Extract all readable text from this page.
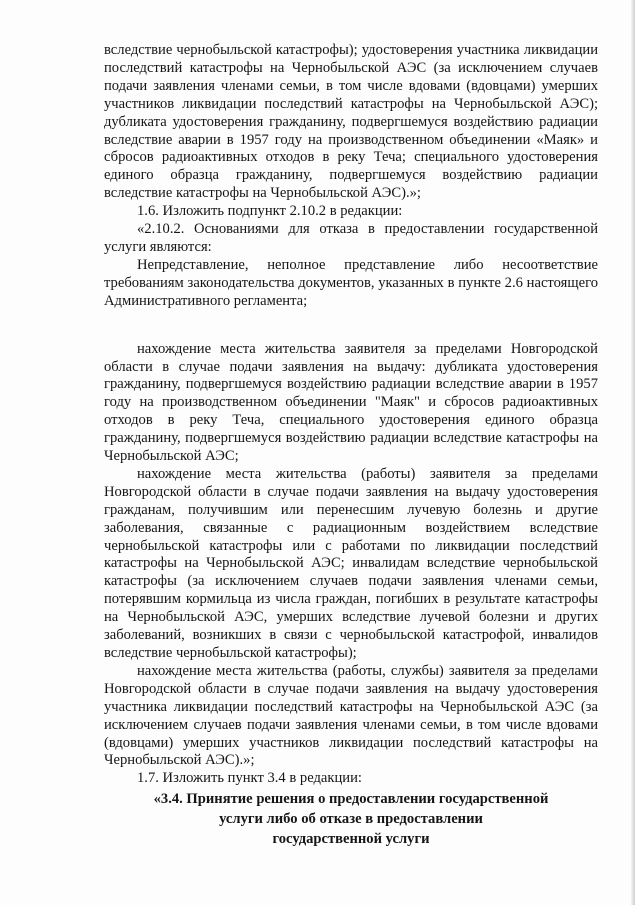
вследствие чернобыльской катастрофы); удостоверения участника ликвидации последствий катастрофы на Чернобыльской АЭС (за исключением случаев подачи заявления членами семьи, в том числе вдовами (вдовцами) умерших участников ликвидации последствий катастрофы на Чернобыльской АЭС); дубликата удостоверения гражданину, подвергшемуся воздействию радиации вследствие аварии в 1957 году на производственном объединении «Маяк» и сбросов радиоактивных отходов в реку Теча; специального удостоверения единого образца гражданину, подвергшемуся воздействию радиации вследствие катастрофы на Чернобыльской АЭС).»;

1.6. Изложить подпункт 2.10.2 в редакции:

«2.10.2. Основаниями для отказа в предоставлении государственной услуги являются:

Непредставление, неполное представление либо несоответствие требованиям законодательства документов, указанных в пункте 2.6 настоящего Административного регламента;

нахождение места жительства заявителя за пределами Новгородской области в случае подачи заявления на выдачу: дубликата удостоверения гражданину, подвергшемуся воздействию радиации вследствие аварии в 1957 году на производственном объединении "Маяк" и сбросов радиоактивных отходов в реку Теча, специального удостоверения единого образца гражданину, подвергшемуся воздействию радиации вследствие катастрофы на Чернобыльской АЭС;

нахождение места жительства (работы) заявителя за пределами Новгородской области в случае подачи заявления на выдачу удостоверения гражданам, получившим или перенесшим лучевую болезнь и другие заболевания, связанные с радиационным воздействием вследствие чернобыльской катастрофы или с работами по ликвидации последствий катастрофы на Чернобыльской АЭС; инвалидам вследствие чернобыльской катастрофы (за исключением случаев подачи заявления членами семьи, потерявшим кормильца из числа граждан, погибших в результате катастрофы на Чернобыльской АЭС, умерших вследствие лучевой болезни и других заболеваний, возникших в связи с чернобыльской катастрофой, инвалидов вследствие чернобыльской катастрофы);

нахождение места жительства (работы, службы) заявителя за пределами Новгородской области в случае подачи заявления на выдачу удостоверения участника ликвидации последствий катастрофы на Чернобыльской АЭС (за исключением случаев подачи заявления членами семьи, в том числе вдовами (вдовцами) умерших участников ликвидации последствий катастрофы на Чернобыльской АЭС).»;

1.7. Изложить пункт 3.4 в редакции:

«3.4. Принятие решения о предоставлении государственной

услуги либо об отказе в предоставлении

государственной услуги
